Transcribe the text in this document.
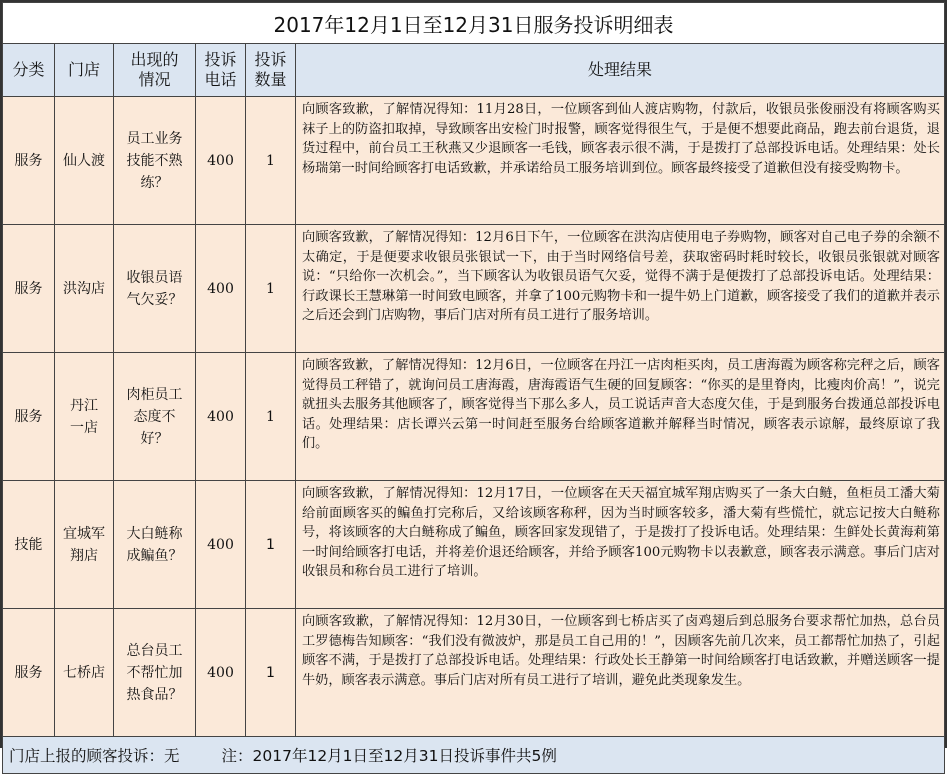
2017年12月1日至12月31日服务投诉明细表					
分类	门店	出现的情况	投诉电话	投诉数量	处理结果
服务	仙人渡	员工业务技能不熟练？	400	1	向顾客致歉，了解情况得知：11月28日，一位顾客到仙人渡店购物，付款后，收银员张俊丽没有将顾客购买袜子上的防盗扣取掉，导致顾客出安检门时报警，顾客觉得很生气，于是便不想要此商品，跑去前台退货，退货过程中，前台员工王秋燕又少退顾客一毛钱，顾客表示很不满，于是拨打了总部投诉电话。处理结果：处长杨瑞第一时间给顾客打电话致歉，并承诺给员工服务培训到位。顾客最终接受了道歉但没有接受购物卡。
服务	洪沟店	收银员语气欠妥？	400	1	向顾客致歉，了解情况得知：12月6日下午，一位顾客在洪沟店使用电子券购物，顾客对自己电子券的余额不太确定，于是便要求收银员张银试一下，由于当时网络信号差，获取密码时耗时较长，收银员张银就对顾客说：“只给你一次机会。”，当下顾客认为收银员语气欠妥，觉得不满于是便拨打了总部投诉电话。处理结果：行政课长王慧琳第一时间致电顾客，并拿了100元购物卡和一提牛奶上门道歉，顾客接受了我们的道歉并表示之后还会到门店购物，事后门店对所有员工进行了服务培训。
服务	丹江一店	肉柜员工态度不好？	400	1	向顾客致歉，了解情况得知：12月6日，一位顾客在丹江一店肉柜买肉，员工唐海霞为顾客称完秤之后，顾客觉得员工秤错了，就询问员工唐海霞，唐海霞语气生硬的回复顾客：“你买的是里脊肉，比瘦肉价高！”，说完就扭头去服务其他顾客了，顾客觉得当下那么多人，员工说话声音大态度欠佳，于是到服务台拨通总部投诉电话。处理结果：店长谭兴云第一时间赶至服务台给顾客道歉并解释当时情况，顾客表示谅解，最终原谅了我们。
技能	宜城军翔店	大白鲢称成鳊鱼？	400	1	向顾客致歉，了解情况得知：12月17日，一位顾客在天天福宜城军翔店购买了一条大白鲢，鱼柜员工潘大菊给前面顾客买的鳊鱼打完称后，又给该顾客称秤，因为当时顾客较多，潘大菊有些慌忙，就忘记按大白鲢称号，将该顾客的大白鲢称成了鳊鱼，顾客回家发现错了，于是拨打了投诉电话。处理结果：生鲜处长黄海莉第一时间给顾客打电话，并将差价退还给顾客，并给予顾客100元购物卡以表歉意，顾客表示满意。事后门店对收银员和称台员工进行了培训。
服务	七桥店	总台员工不帮忙加热食品？	400	1	向顾客致歉，了解情况得知：12月30日，一位顾客到七桥店买了卤鸡翅后到总服务台要求帮忙加热，总台员工罗德梅告知顾客：“我们没有微波炉，那是员工自己用的！”，因顾客先前几次来，员工都帮忙加热了，引起顾客不满，于是拨打了总部投诉电话。处理结果：行政处长王静第一时间给顾客打电话致歉，并赠送顾客一提牛奶，顾客表示满意。事后门店对所有员工进行了培训，避免此类现象发生。
门店上报的顾客投诉：无 注：2017年12月1日至12月31日投诉事件共5例					
